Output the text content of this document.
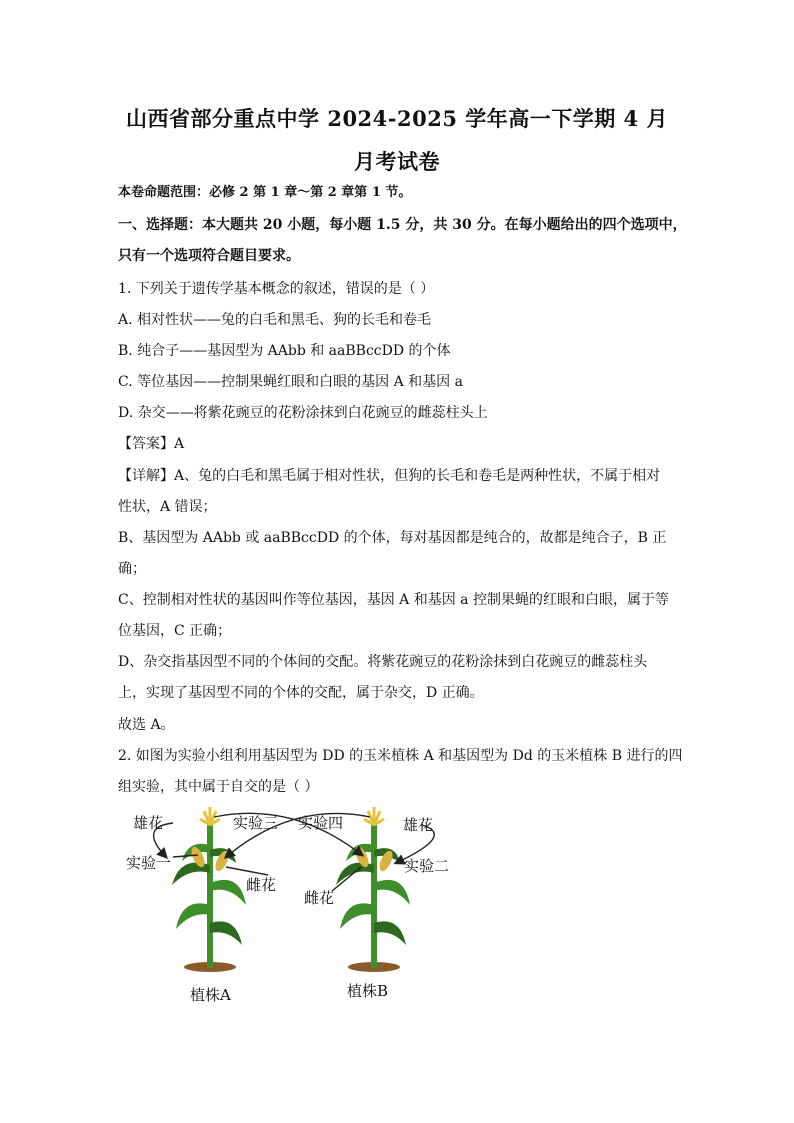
山西省部分重点中学 2024-2025 学年高一下学期 4 月
月考试卷
本卷命题范围：必修 2 第 1 章～第 2 章第 1 节。
一、选择题：本大题共 20 小题，每小题 1.5 分，共 30 分。在每小题给出的四个选项中，
只有一个选项符合题目要求。
1. 下列关于遗传学基本概念的叙述，错误的是（ ）
A. 相对性状——兔的白毛和黑毛、狗的长毛和卷毛
B. 纯合子——基因型为 AAbb 和 aaBBccDD 的个体
C. 等位基因——控制果蝇红眼和白眼的基因 A 和基因 a
D. 杂交——将紫花豌豆的花粉涂抹到白花豌豆的雌蕊柱头上
【答案】A
【详解】A、兔的白毛和黑毛属于相对性状，但狗的长毛和卷毛是两种性状，不属于相对
性状，A 错误；
B、基因型为 AAbb 或 aaBBccDD 的个体，每对基因都是纯合的，故都是纯合子，B 正
确；
C、控制相对性状的基因叫作等位基因，基因 A 和基因 a 控制果蝇的红眼和白眼，属于等
位基因，C 正确；
D、杂交指基因型不同的个体间的交配。将紫花豌豆的花粉涂抹到白花豌豆的雌蕊柱头
上，实现了基因型不同的个体的交配，属于杂交，D 正确。
故选 A。
2. 如图为实验小组利用基因型为 DD 的玉米植株 A 和基因型为 Dd 的玉米植株 B 进行的四
组实验，其中属于自交的是（ ）
雄花	实验三 实验四	雄花
实验一
雌花
实验二
雌花
植株A	植株B
